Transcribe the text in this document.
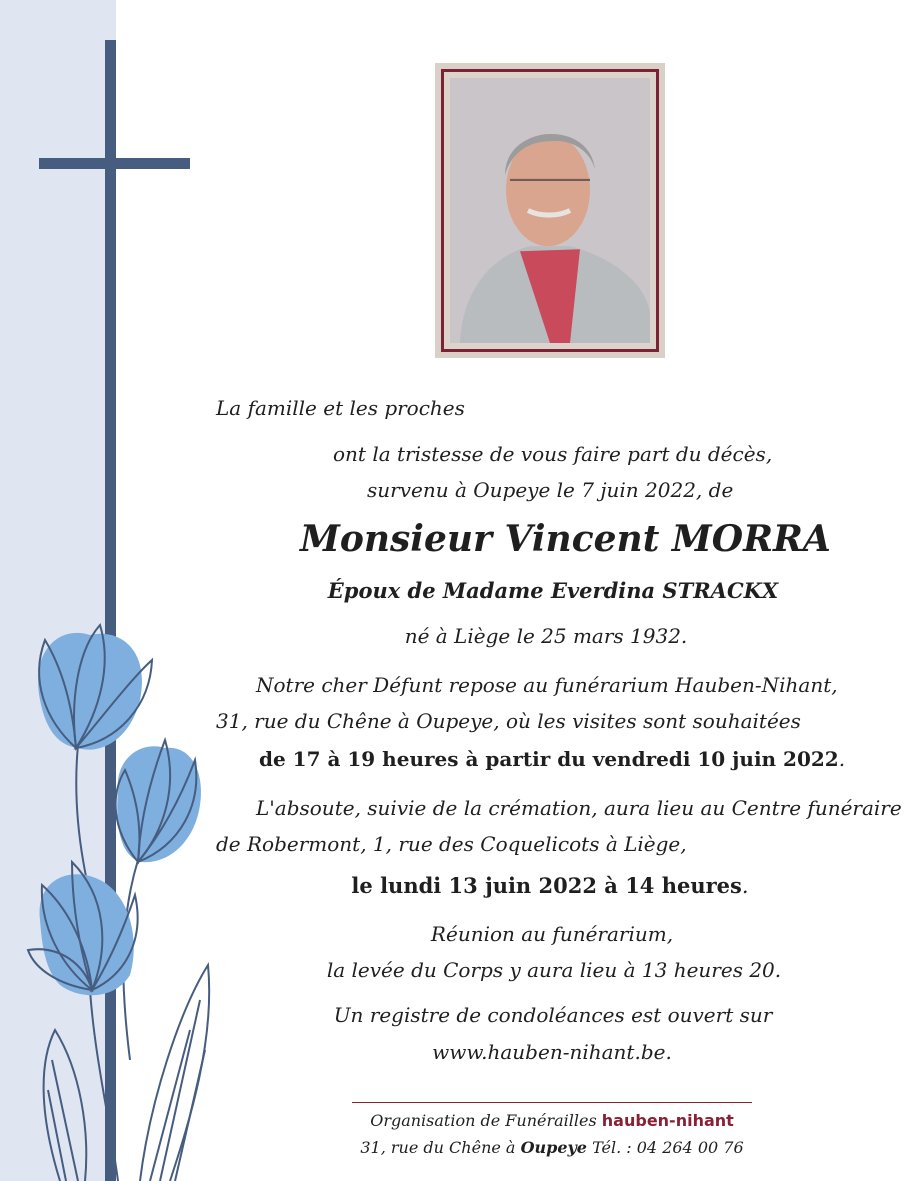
La famille et les proches
ont la tristesse de vous faire part du décès,
survenu à Oupeye le 7 juin 2022, de
Monsieur Vincent MORRA
Époux de Madame Everdina STRACKX
né à Liège le 25 mars 1932.
Notre cher Défunt repose au funérarium Hauben-Nihant,
31, rue du Chêne à Oupeye, où les visites sont souhaitées
de 17 à 19 heures à partir du vendredi 10 juin 2022.
L'absoute, suivie de la crémation, aura lieu au Centre funéraire
de Robermont, 1, rue des Coquelicots à Liège,
le lundi 13 juin 2022 à 14 heures.
Réunion au funérarium,
la levée du Corps y aura lieu à 13 heures 20.
Un registre de condoléances est ouvert sur
www.hauben-nihant.be.
Organisation de Funérailles hauben-nihant
31, rue du Chêne à Oupeye Tél. : 04 264 00 76
